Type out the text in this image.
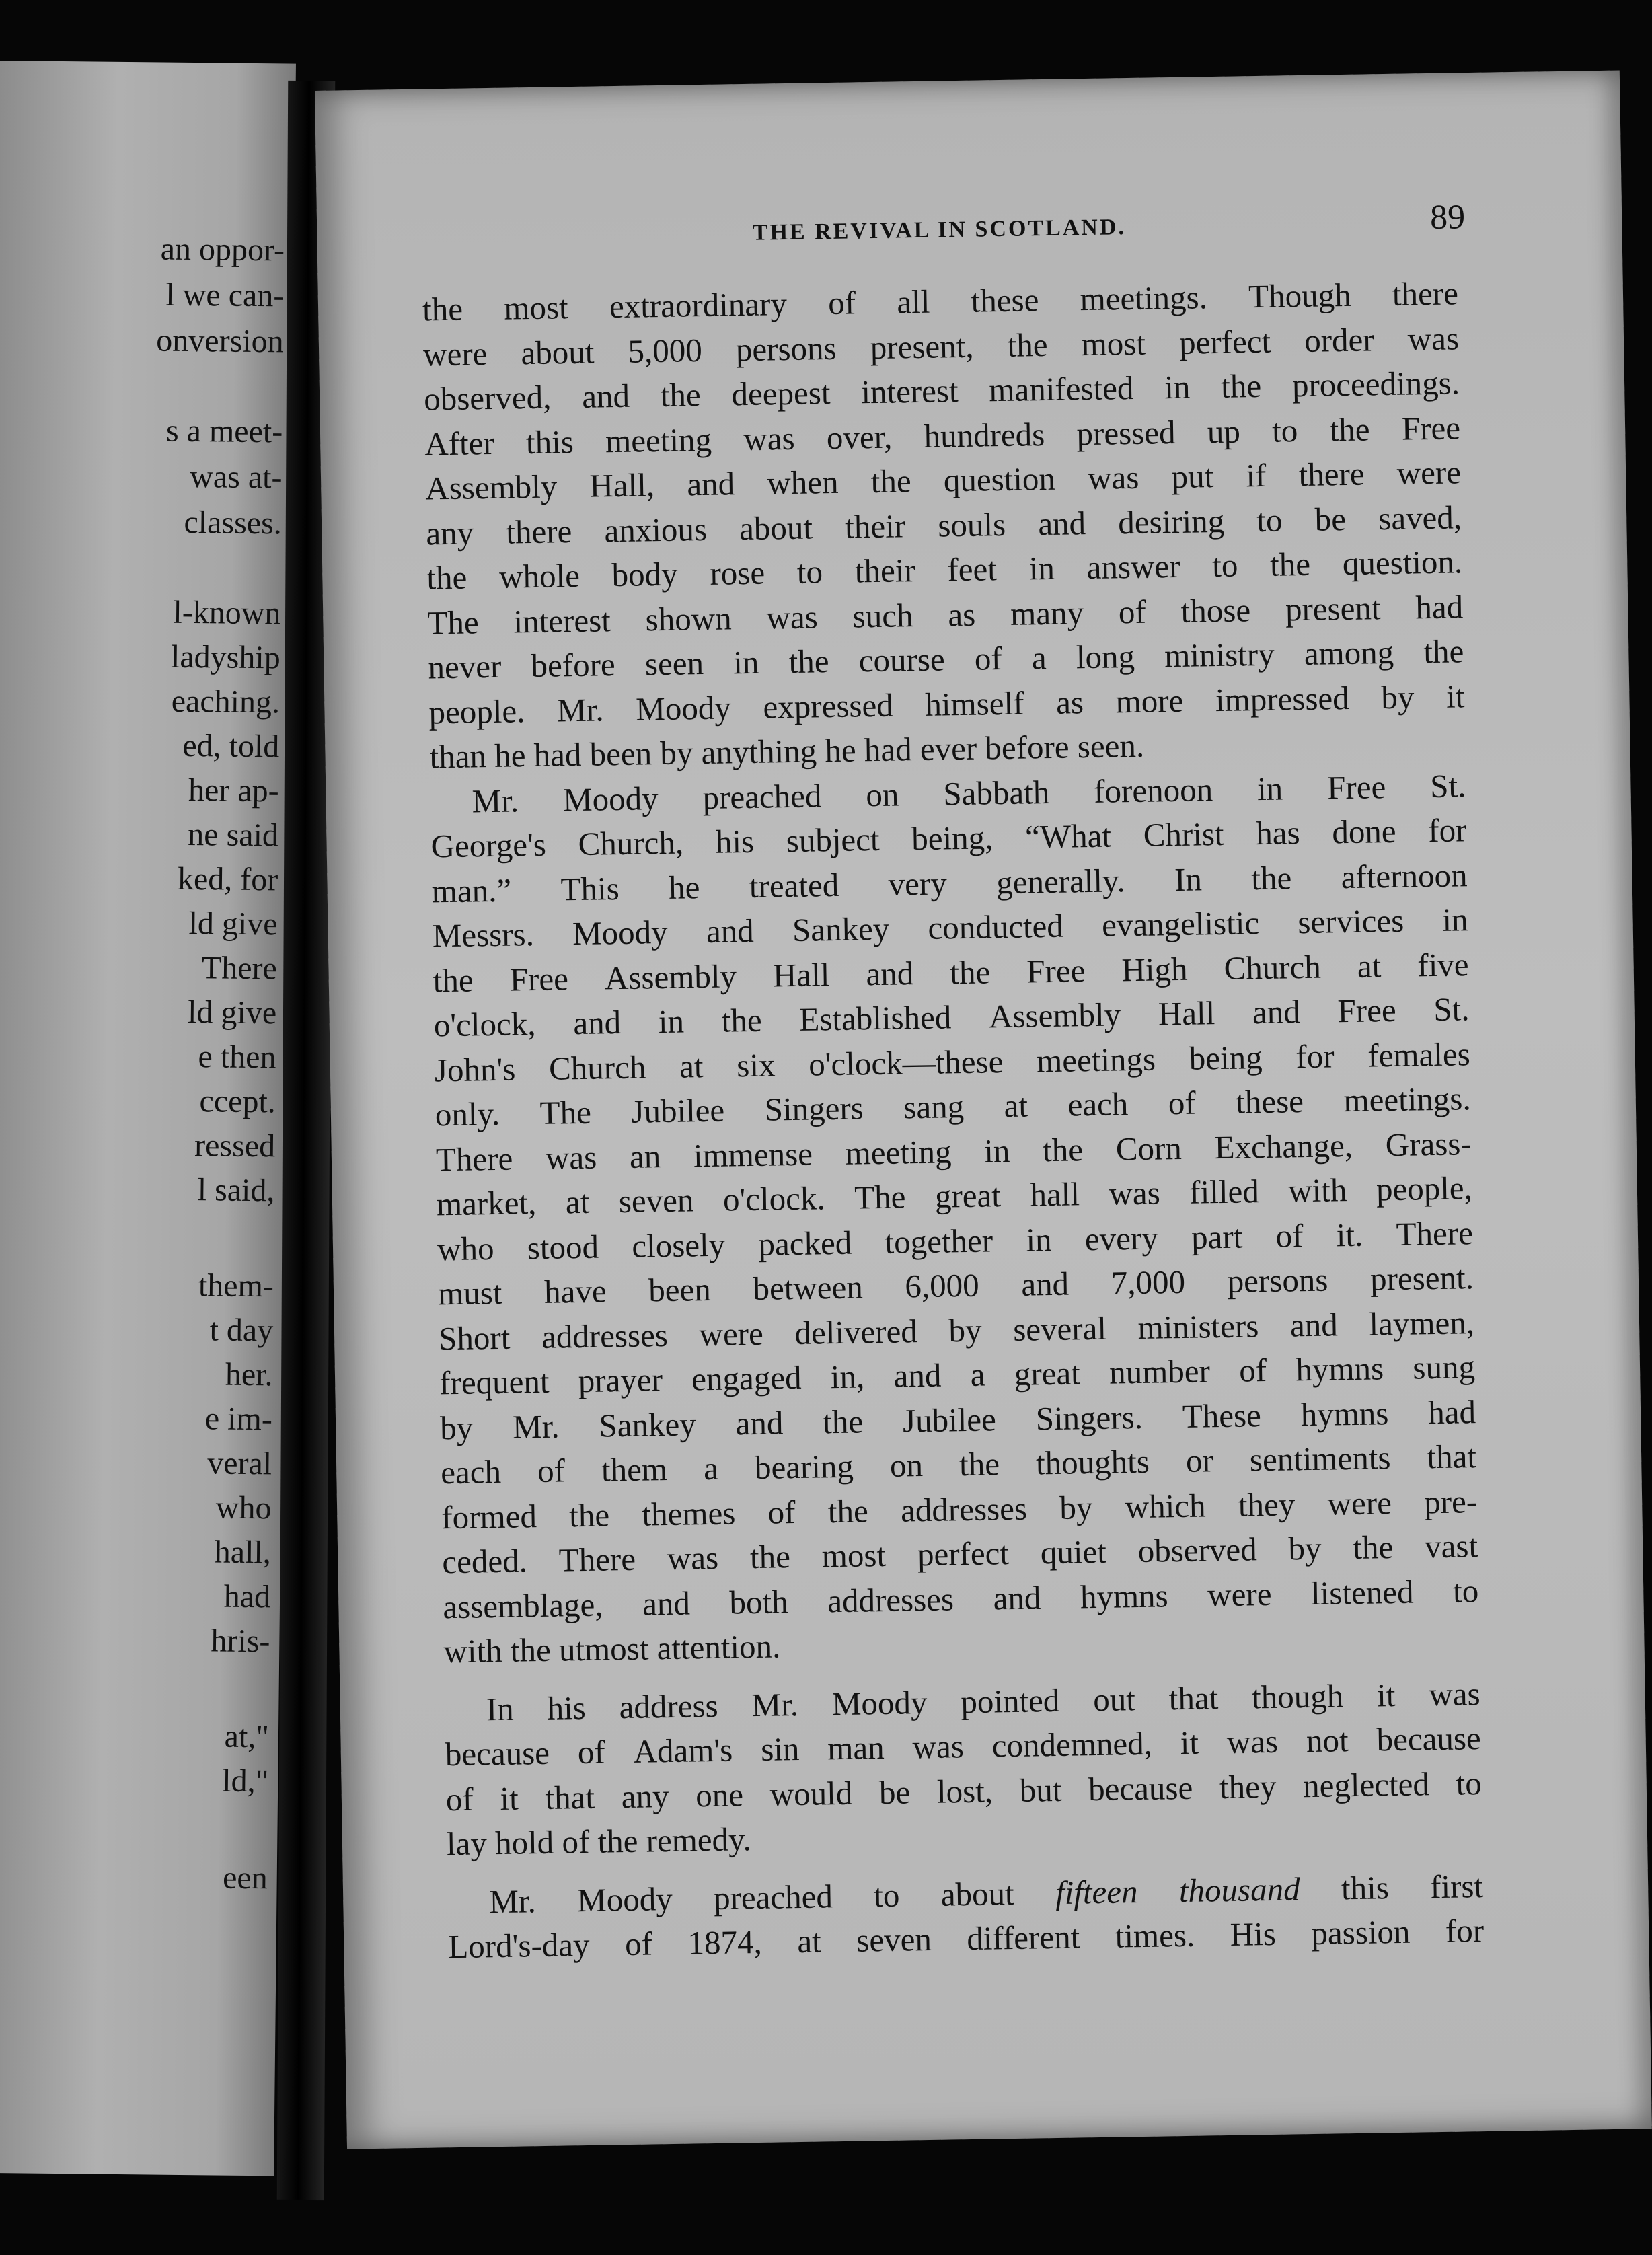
an oppor-
l we can-
onversion
s a meet-
was at-
classes.
l-known
ladyship
eaching.
ed, told
her ap-
ne said
ked, for
ld give
There
ld give
e then
ccept.
ressed
l said,
them-
t day
her.
e im-
veral
who
hall,
had
hris-
at,"
ld,"
een
THE REVIVAL IN SCOTLAND.	89
the most extraordinary of all these meetings. Though there
were about 5,000 persons present, the most perfect order was
observed, and the deepest interest manifested in the proceedings.
After this meeting was over, hundreds pressed up to the Free
Assembly Hall, and when the question was put if there were
any there anxious about their souls and desiring to be saved,
the whole body rose to their feet in answer to the question.
The interest shown was such as many of those present had
never before seen in the course of a long ministry among the
people. Mr. Moody expressed himself as more impressed by it
than he had been by anything he had ever before seen.
Mr. Moody preached on Sabbath forenoon in Free St.
George's Church, his subject being, “What Christ has done for
man.” This he treated very generally. In the afternoon
Messrs. Moody and Sankey conducted evangelistic services in
the Free Assembly Hall and the Free High Church at five
o'clock, and in the Established Assembly Hall and Free St.
John's Church at six o'clock—these meetings being for females
only. The Jubilee Singers sang at each of these meetings.
There was an immense meeting in the Corn Exchange, Grass-
market, at seven o'clock. The great hall was filled with people,
who stood closely packed together in every part of it. There
must have been between 6,000 and 7,000 persons present.
Short addresses were delivered by several ministers and laymen,
frequent prayer engaged in, and a great number of hymns sung
by Mr. Sankey and the Jubilee Singers. These hymns had
each of them a bearing on the thoughts or sentiments that
formed the themes of the addresses by which they were pre-
ceded. There was the most perfect quiet observed by the vast
assemblage, and both addresses and hymns were listened to
with the utmost attention.
In his address Mr. Moody pointed out that though it was
because of Adam's sin man was condemned, it was not because
of it that any one would be lost, but because they neglected to
lay hold of the remedy.
Mr. Moody preached to about fifteen thousand this first
Lord's-day of 1874, at seven different times. His passion for
